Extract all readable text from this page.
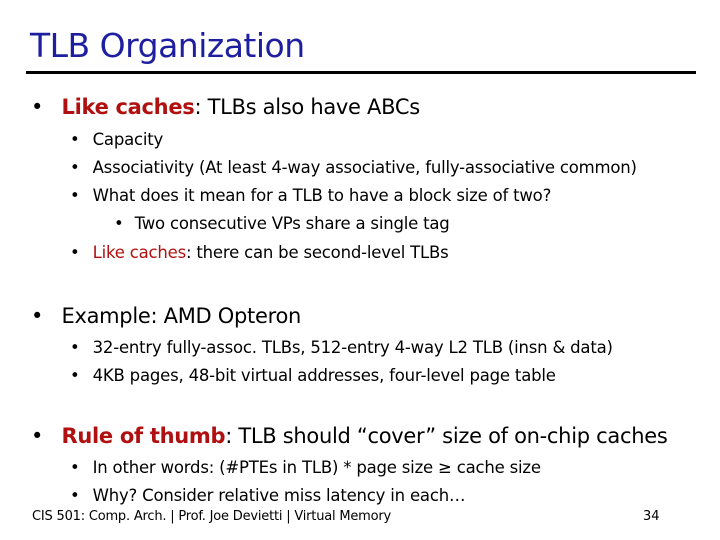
TLB Organization
• Like caches: TLBs also have ABCs
• Capacity
• Associativity (At least 4-way associative, fully-associative common)
• What does it mean for a TLB to have a block size of two?
• Two consecutive VPs share a single tag
• Like caches: there can be second-level TLBs
• Example: AMD Opteron
• 32-entry fully-assoc. TLBs, 512-entry 4-way L2 TLB (insn & data)
• 4KB pages, 48-bit virtual addresses, four-level page table
• Rule of thumb: TLB should “cover” size of on-chip caches
• In other words: (#PTEs in TLB) * page size ≥ cache size
• Why? Consider relative miss latency in each…
CIS 501: Comp. Arch. | Prof. Joe Devietti | Virtual Memory	34
